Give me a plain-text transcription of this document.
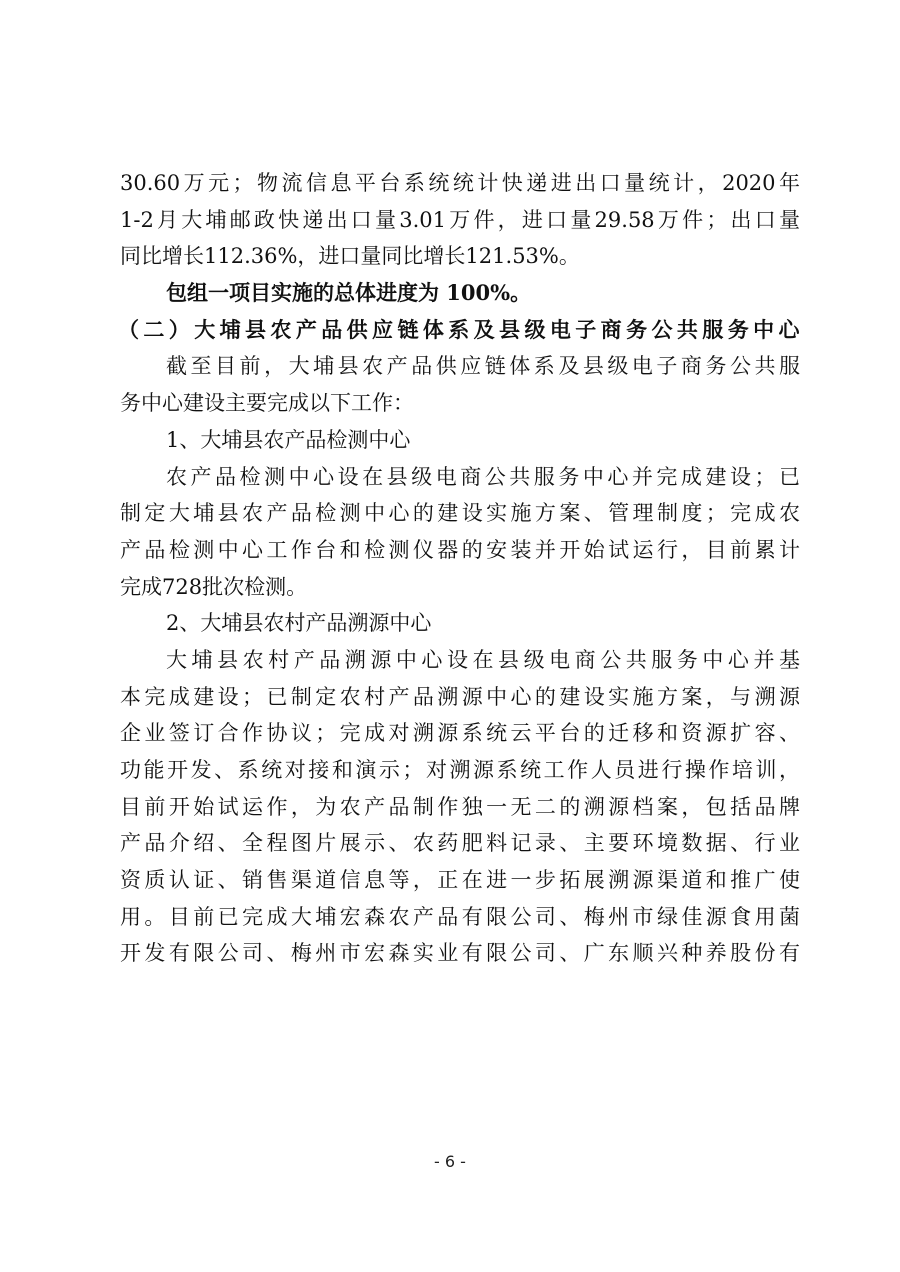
30.60万元；物流信息平台系统统计快递进出口量统计，2020年
1-2月大埔邮政快递出口量3.01万件，进口量29.58万件；出口量
同比增长112.36%，进口量同比增长121.53%。
包组一项目实施的总体进度为 100%。
（二）大埔县农产品供应链体系及县级电子商务公共服务中心
截至目前，大埔县农产品供应链体系及县级电子商务公共服
务中心建设主要完成以下工作：
1、大埔县农产品检测中心
农产品检测中心设在县级电商公共服务中心并完成建设；已
制定大埔县农产品检测中心的建设实施方案、管理制度；完成农
产品检测中心工作台和检测仪器的安装并开始试运行，目前累计
完成728批次检测。
2、大埔县农村产品溯源中心
大埔县农村产品溯源中心设在县级电商公共服务中心并基
本完成建设；已制定农村产品溯源中心的建设实施方案，与溯源
企业签订合作协议；完成对溯源系统云平台的迁移和资源扩容、
功能开发、系统对接和演示；对溯源系统工作人员进行操作培训，
目前开始试运作，为农产品制作独一无二的溯源档案，包括品牌
产品介绍、全程图片展示、农药肥料记录、主要环境数据、行业
资质认证、销售渠道信息等，正在进一步拓展溯源渠道和推广使
用。目前已完成大埔宏森农产品有限公司、梅州市绿佳源食用菌
开发有限公司、梅州市宏森实业有限公司、广东顺兴种养股份有
- 6 -
